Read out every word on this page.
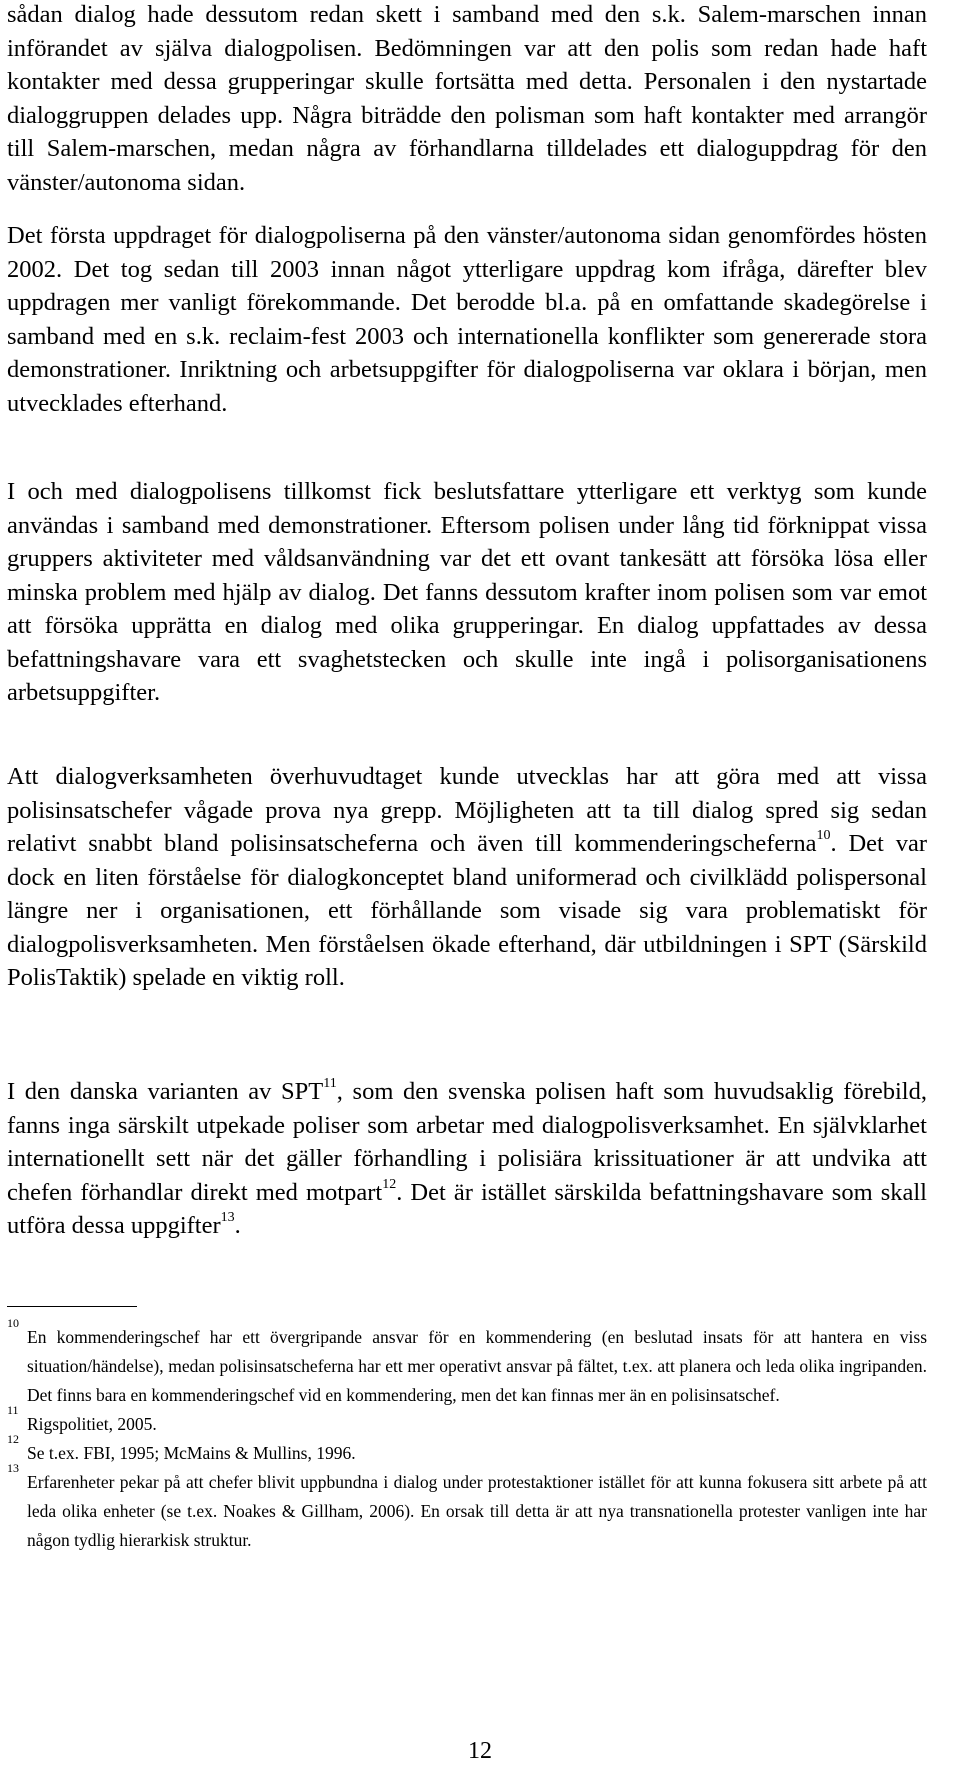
sådan dialog hade dessutom redan skett i samband med den s.k. Salem-marschen innan införandet av själva dialogpolisen. Bedömningen var att den polis som redan hade haft kontakter med dessa grupperingar skulle fortsätta med detta. Personalen i den nystartade dialoggruppen delades upp. Några biträdde den polisman som haft kontakter med arrangör till Salem-marschen, medan några av förhandlarna tilldelades ett dialoguppdrag för den vänster/autonoma sidan.

Det första uppdraget för dialogpoliserna på den vänster/autonoma sidan genomfördes hösten 2002. Det tog sedan till 2003 innan något ytterligare uppdrag kom ifråga, därefter blev uppdragen mer vanligt förekommande. Det berodde bl.a. på en omfattande skadegörelse i samband med en s.k. reclaim-fest 2003 och internationella konflikter som genererade stora demonstrationer. Inriktning och arbetsuppgifter för dialogpoliserna var oklara i början, men utvecklades efterhand.

I och med dialogpolisens tillkomst fick beslutsfattare ytterligare ett verktyg som kunde användas i samband med demonstrationer. Eftersom polisen under lång tid förknippat vissa gruppers aktiviteter med våldsanvändning var det ett ovant tankesätt att försöka lösa eller minska problem med hjälp av dialog. Det fanns dessutom krafter inom polisen som var emot att försöka upprätta en dialog med olika grupperingar. En dialog uppfattades av dessa befattningshavare vara ett svaghetstecken och skulle inte ingå i polisorganisationens arbetsuppgifter.

Att dialogverksamheten överhuvudtaget kunde utvecklas har att göra med att vissa polisinsatschefer vågade prova nya grepp. Möjligheten att ta till dialog spred sig sedan relativt snabbt bland polisinsatscheferna och även till kommenderingscheferna$^{10}$. Det var dock en liten förståelse för dialogkonceptet bland uniformerad och civilklädd polispersonal längre ner i organisationen, ett förhållande som visade sig vara problematiskt för dialogpolisverksamheten. Men förståelsen ökade efterhand, där utbildningen i SPT (Särskild PolisTaktik) spelade en viktig roll.

I den danska varianten av SPT$^{11}$, som den svenska polisen haft som huvudsaklig förebild, fanns inga särskilt utpekade poliser som arbetar med dialogpolisverksamhet. En självklarhet internationellt sett när det gäller förhandling i polisiära krissituationer är att undvika att chefen förhandlar direkt med motpart$^{12}$. Det är istället särskilda befattningshavare som skall utföra dessa uppgifter$^{13}$.

10
En kommenderingschef har ett övergripande ansvar för en kommendering (en beslutad insats för att hantera en viss situation/händelse), medan polisinsatscheferna har ett mer operativt ansvar på fältet, t.ex. att planera och leda olika ingripanden. Det finns bara en kommenderingschef vid en kommendering, men det kan finnas mer än en polisinsatschef.

11
Rigspolitiet, 2005.

12
Se t.ex. FBI, 1995; McMains & Mullins, 1996.

13
Erfarenheter pekar på att chefer blivit uppbundna i dialog under protestaktioner istället för att kunna fokusera sitt arbete på att leda olika enheter (se t.ex. Noakes & Gillham, 2006). En orsak till detta är att nya transnationella protester vanligen inte har någon tydlig hierarkisk struktur.

12
